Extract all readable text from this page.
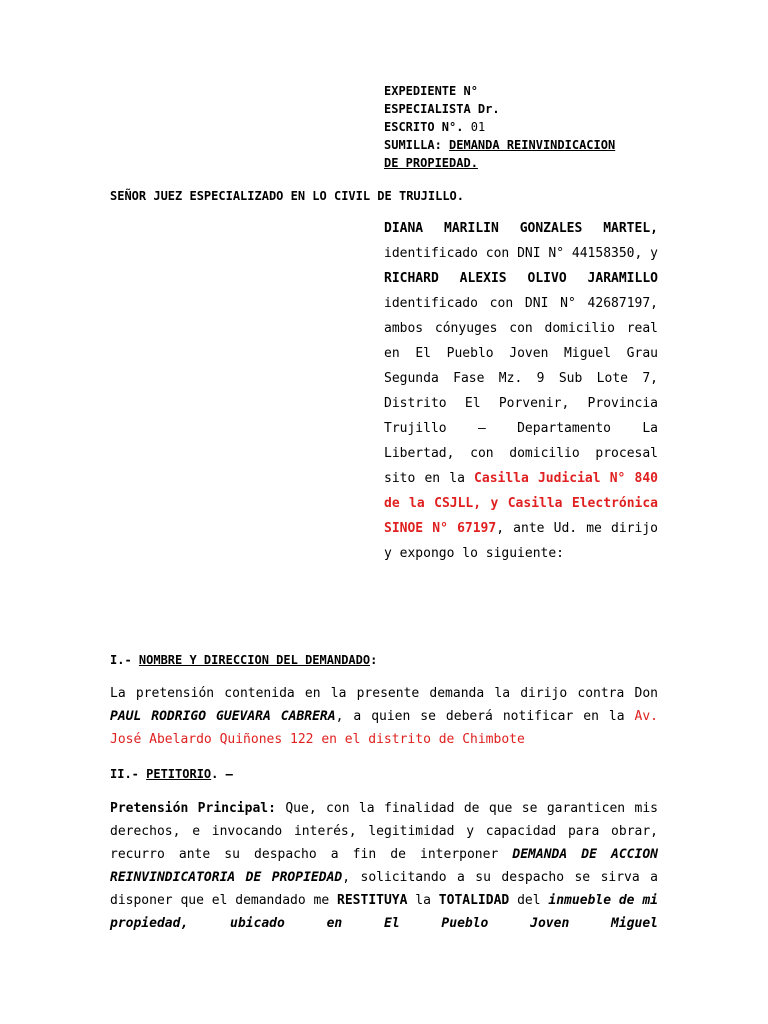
EXPEDIENTE N°
ESPECIALISTA Dr.
ESCRITO N°. 01
SUMILLA: DEMANDA REINVINDICACION
DE PROPIEDAD.
SEÑOR JUEZ ESPECIALIZADO EN LO CIVIL DE TRUJILLO.
DIANA MARILIN GONZALES MARTEL, identificado con DNI N° 44158350, y RICHARD ALEXIS OLIVO JARAMILLO identificado con DNI N° 42687197, ambos cónyuges con domicilio real en El Pueblo Joven Miguel Grau Segunda Fase Mz. 9 Sub Lote 7, Distrito El Porvenir, Provincia Trujillo – Departamento La Libertad, con domicilio procesal sito en la Casilla Judicial N° 840 de la CSJLL, y Casilla Electrónica SINOE N° 67197, ante Ud. me dirijo y expongo lo siguiente:
I.- NOMBRE Y DIRECCION DEL DEMANDADO:
La pretensión contenida en la presente demanda la dirijo contra Don PAUL RODRIGO GUEVARA CABRERA, a quien se deberá notificar en la Av. José Abelardo Quiñones 122 en el distrito de Chimbote
II.- PETITORIO. –
Pretensión Principal: Que, con la finalidad de que se garanticen mis derechos, e invocando interés, legitimidad y capacidad para obrar, recurro ante su despacho a fin de interponer DEMANDA DE ACCION REINVINDICATORIA DE PROPIEDAD, solicitando a su despacho se sirva a disponer que el demandado me RESTITUYA la TOTALIDAD del inmueble de mi propiedad, ubicado en El Pueblo Joven Miguel
